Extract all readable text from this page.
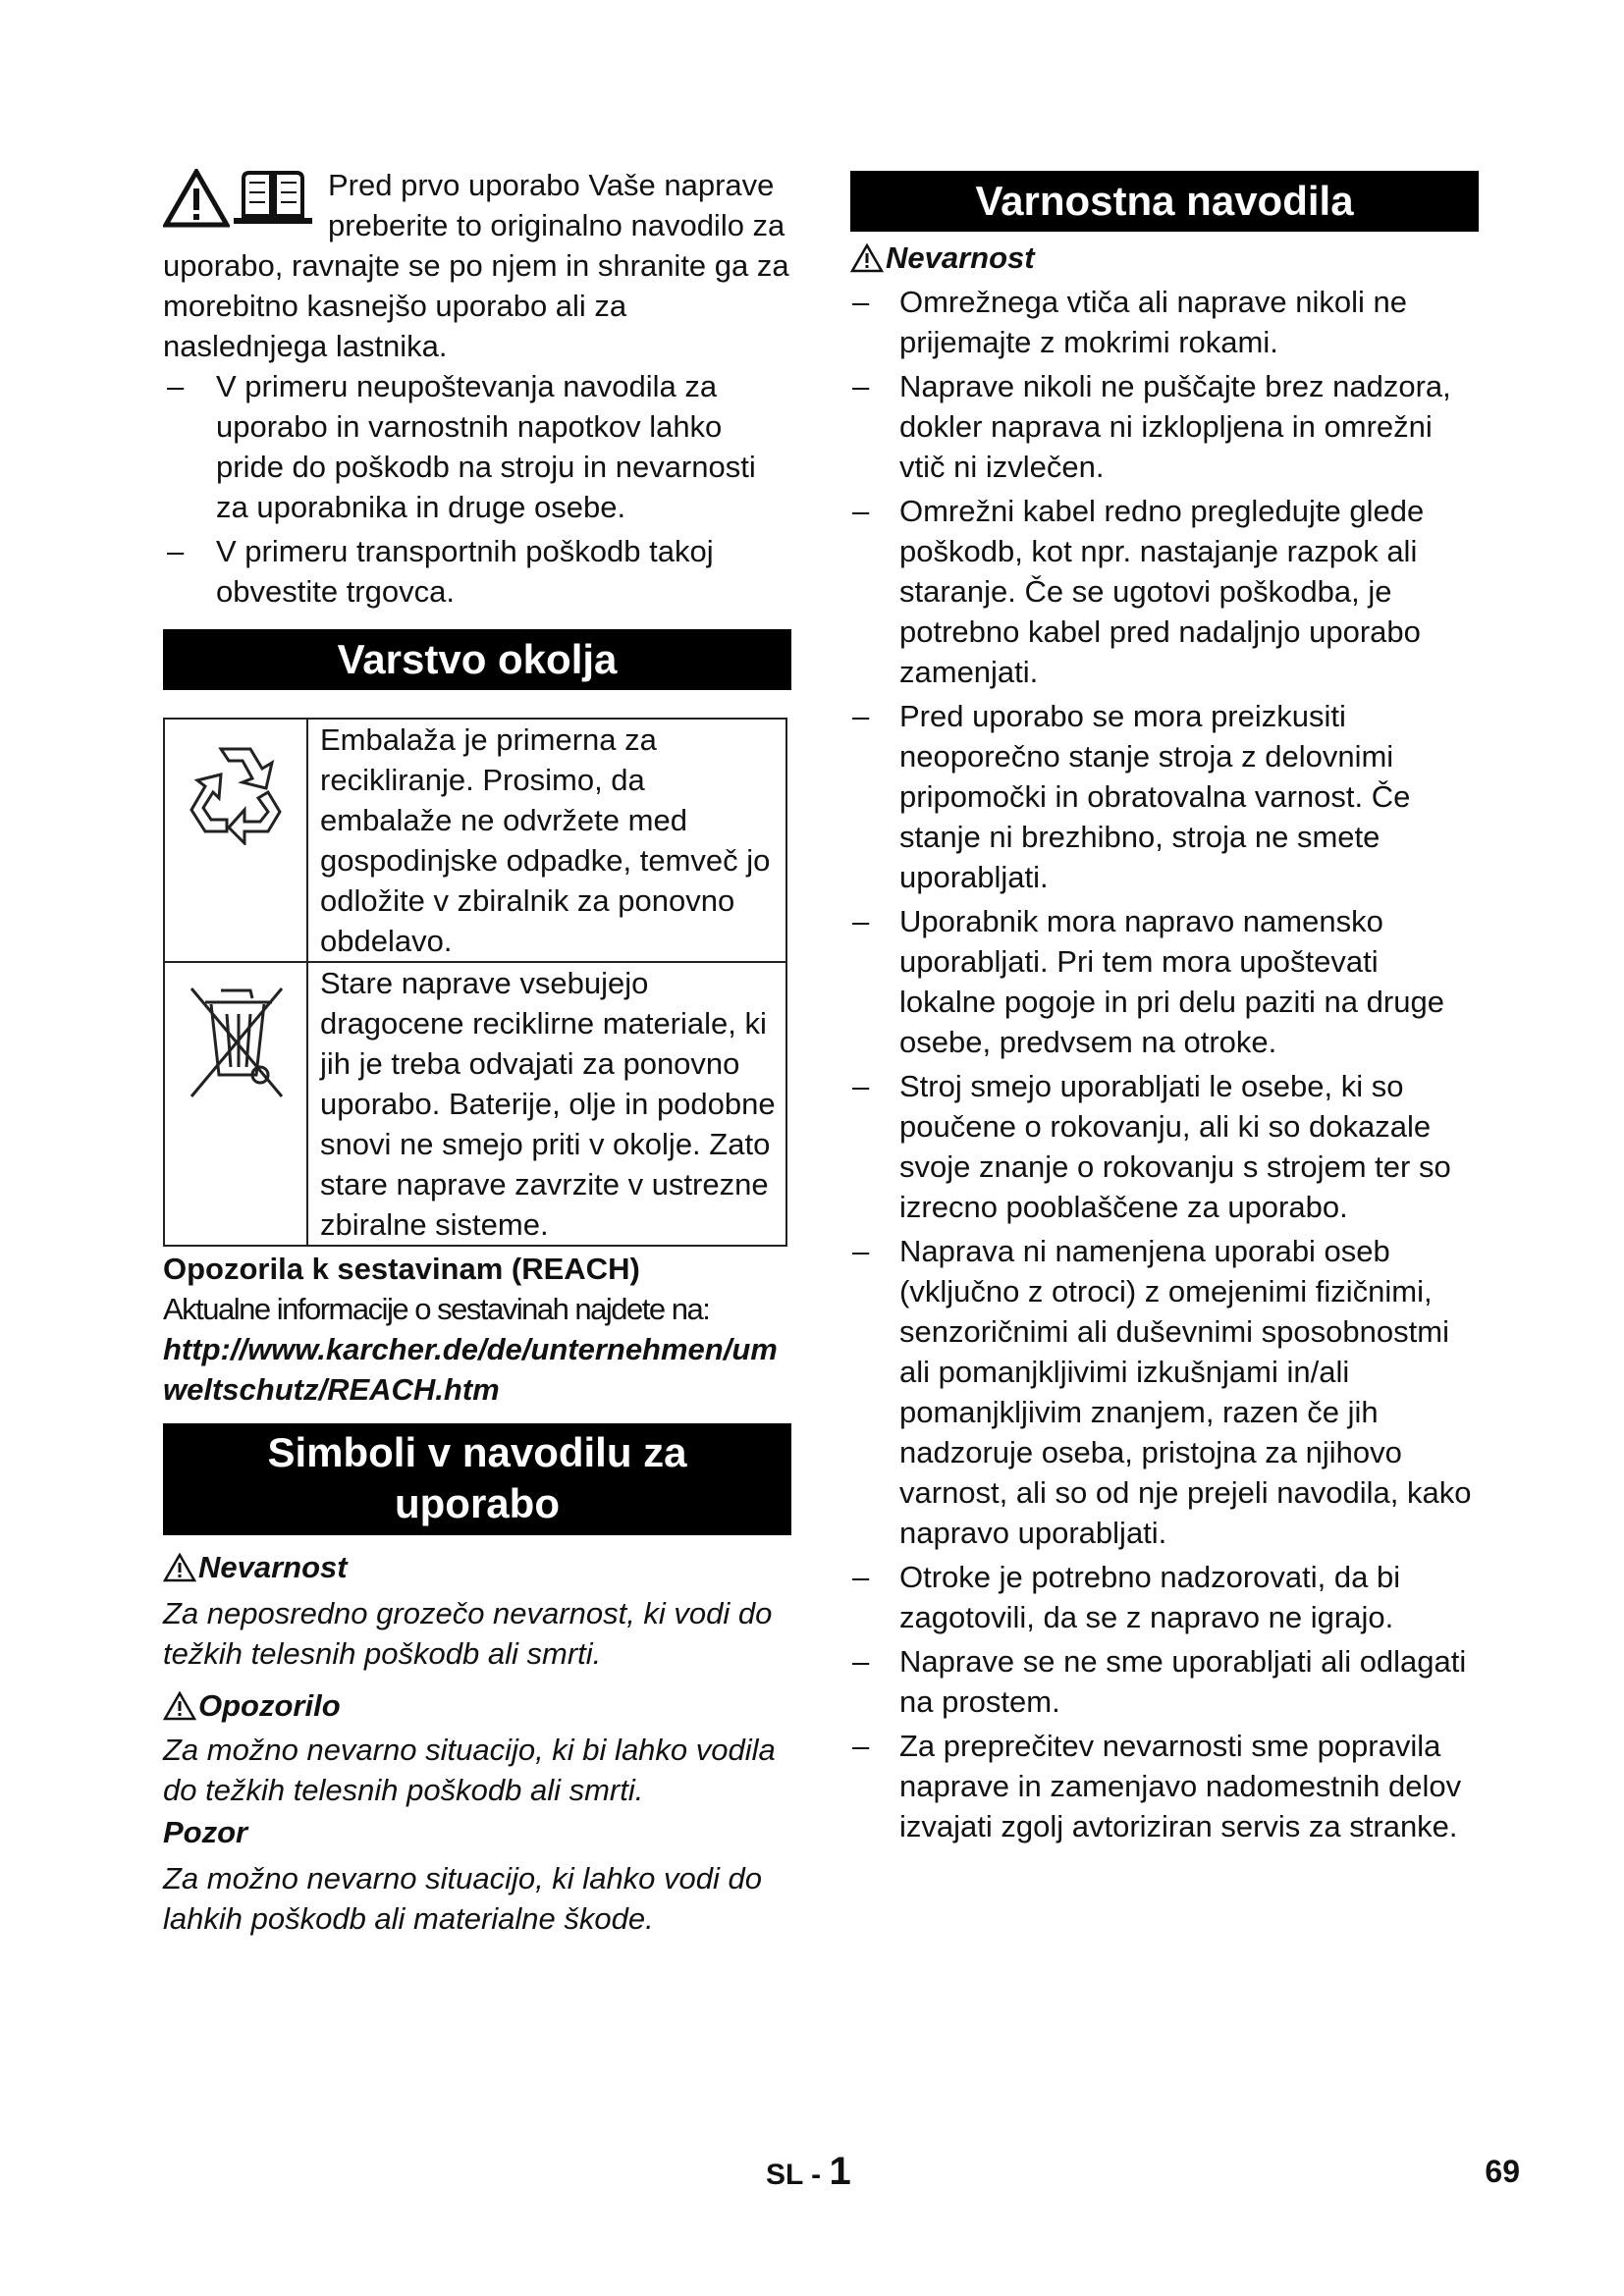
Pred prvo uporabo Vaše naprave preberite to originalno navodilo za uporabo, ravnajte se po njem in shranite ga za morebitno kasnejšo uporabo ali za naslednjega lastnika.

– V primeru neupoštevanja navodila za uporabo in varnostnih napotkov lahko pride do poškodb na stroju in nevarnosti za uporabnika in druge osebe.
– V primeru transportnih poškodb takoj obvestite trgovca.
Varstvo okolja
	Embalaža je primerna za recikliranje. Prosimo, da embalaže ne odvržete med gospodinjske odpadke, temveč jo odložite v zbiralnik za ponovno obdelavo.
	Stare naprave vsebujejo dragocene reciklirne materiale, ki jih je treba odvajati za ponovno uporabo. Baterije, olje in podobne snovi ne smejo priti v okolje. Zato stare naprave zavrzite v ustrezne zbiralne sisteme.

Opozorila k sestavinam (REACH)

Aktualne informacije o sestavinah najdete na:

http://www.karcher.de/de/unternehmen/umweltschutz/REACH.htm

Simboli v navodilu za uporabo
Nevarnost

Za neposredno grozečo nevarnost, ki vodi do težkih telesnih poškodb ali smrti.

Opozorilo

Za možno nevarno situacijo, ki bi lahko vodila do težkih telesnih poškodb ali smrti.

Pozor

Za možno nevarno situacijo, ki lahko vodi do lahkih poškodb ali materialne škode.

Varnostna navodila
Nevarnost
– Omrežnega vtiča ali naprave nikoli ne prijemajte z mokrimi rokami.
– Naprave nikoli ne puščajte brez nadzora, dokler naprava ni izklopljena in omrežni vtič ni izvlečen.
– Omrežni kabel redno pregledujte glede poškodb, kot npr. nastajanje razpok ali staranje. Če se ugotovi poškodba, je potrebno kabel pred nadaljnjo uporabo zamenjati.
– Pred uporabo se mora preizkusiti neoporečno stanje stroja z delovnimi pripomočki in obratovalna varnost. Če stanje ni brezhibno, stroja ne smete uporabljati.
– Uporabnik mora napravo namensko uporabljati. Pri tem mora upoštevati lokalne pogoje in pri delu paziti na druge osebe, predvsem na otroke.
– Stroj smejo uporabljati le osebe, ki so poučene o rokovanju, ali ki so dokazale svoje znanje o rokovanju s strojem ter so izrecno pooblaščene za uporabo.
– Naprava ni namenjena uporabi oseb (vključno z otroci) z omejenimi fizičnimi, senzoričnimi ali duševnimi sposobnostmi ali pomanjkljivimi izkušnjami in/ali pomanjkljivim znanjem, razen če jih nadzoruje oseba, pristojna za njihovo varnost, ali so od nje prejeli navodila, kako napravo uporabljati.
– Otroke je potrebno nadzorovati, da bi zagotovili, da se z napravo ne igrajo.
– Naprave se ne sme uporabljati ali odlagati na prostem.
– Za preprečitev nevarnosti sme popravila naprave in zamenjavo nadomestnih delov izvajati zgolj avtoriziran servis za stranke.
SL - 1	69
